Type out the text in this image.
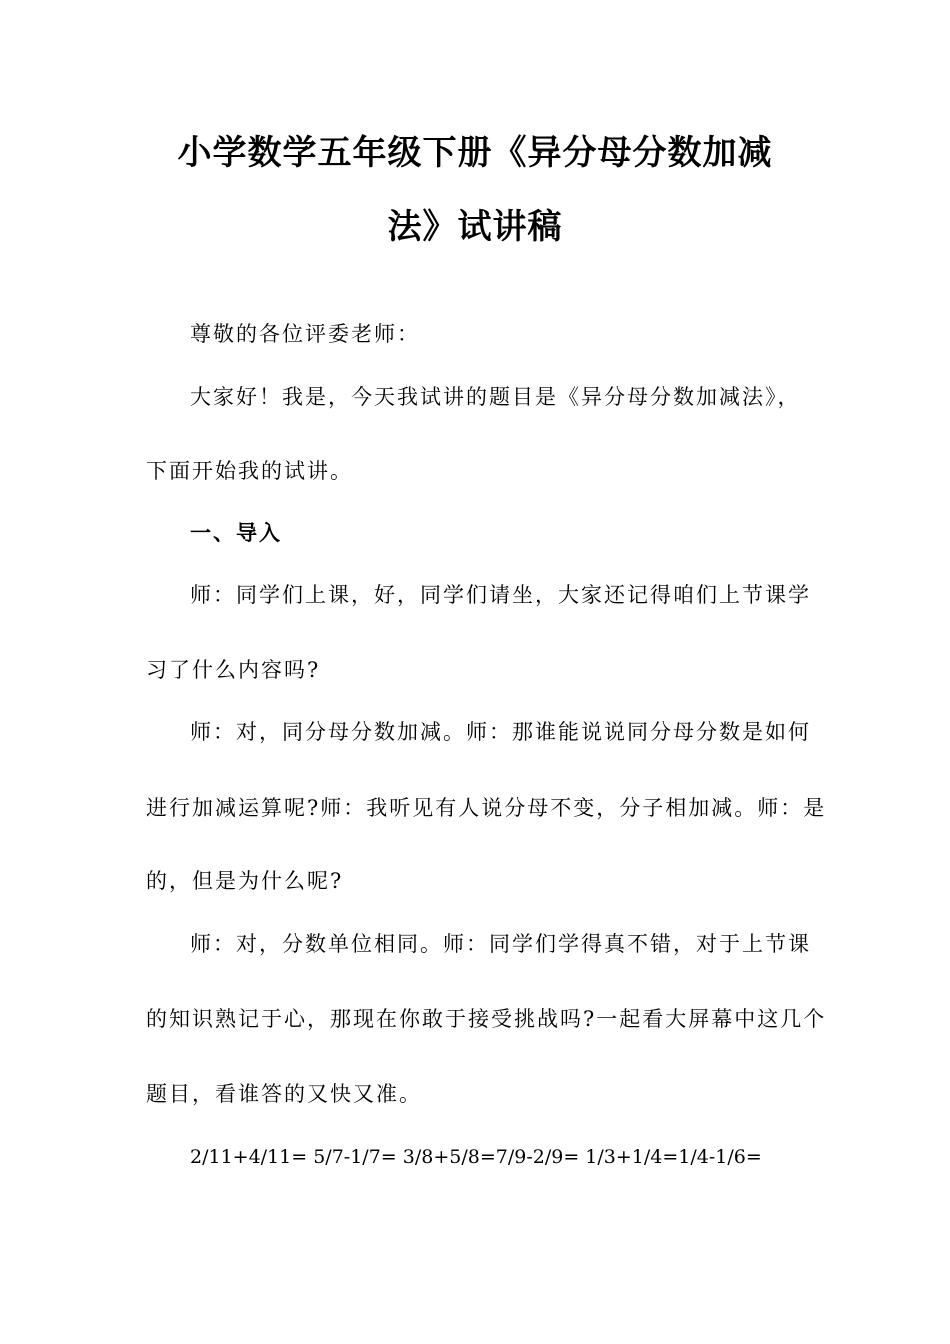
小学数学五年级下册《异分母分数加减
法》试讲稿
尊敬的各位评委老师：
大家好！我是，今天我试讲的题目是《异分母分数加减法》，
下面开始我的试讲。
一、导入
师：同学们上课，好，同学们请坐，大家还记得咱们上节课学
习了什么内容吗?
师：对，同分母分数加减。师：那谁能说说同分母分数是如何
进行加减运算呢?师：我听见有人说分母不变，分子相加减。师：是
的，但是为什么呢?
师：对，分数单位相同。师：同学们学得真不错，对于上节课
的知识熟记于心，那现在你敢于接受挑战吗?一起看大屏幕中这几个
题目，看谁答的又快又准。
2/11+4/11= 5/7-1/7= 3/8+5/8=7/9-2/9= 1/3+1/4=1/4-1/6=
